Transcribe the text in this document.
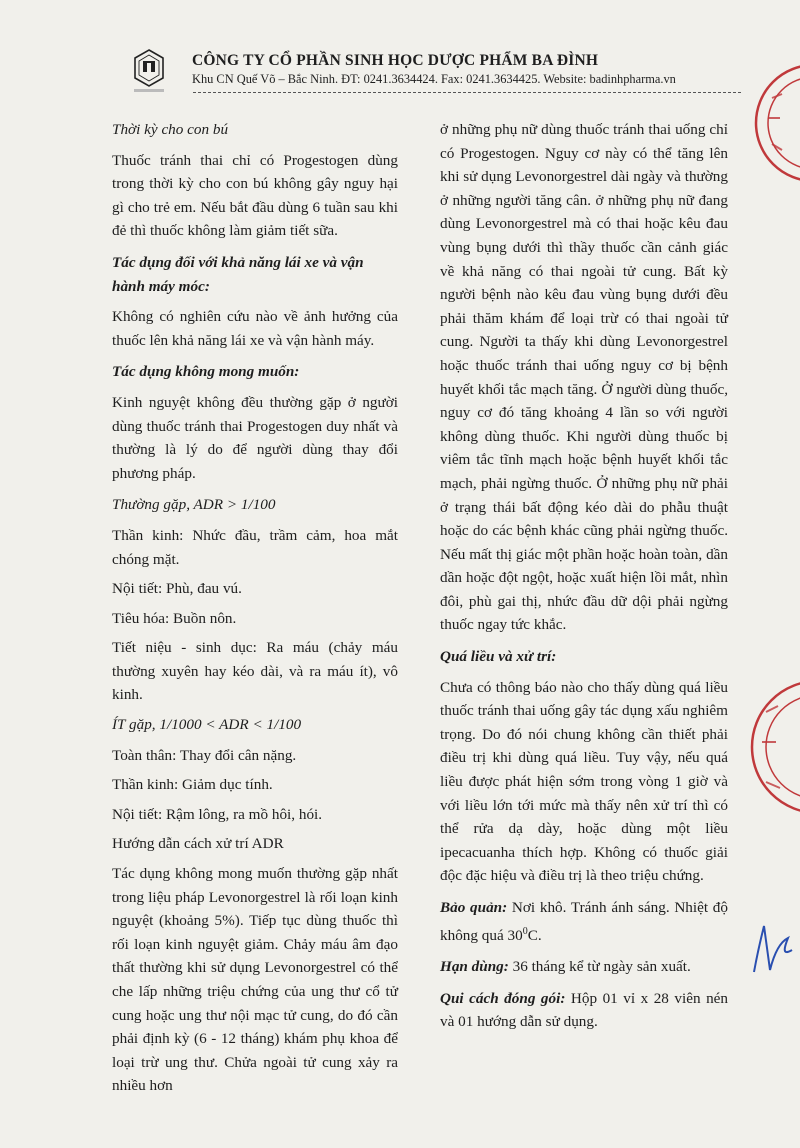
CÔNG TY CỔ PHẦN SINH HỌC DƯỢC PHẨM BA ĐÌNH
Khu CN Quế Võ – Bắc Ninh. ĐT: 0241.3634424. Fax: 0241.3634425. Website: badinhpharma.vn
Thời kỳ cho con bú
Thuốc tránh thai chỉ có Progestogen dùng trong thời kỳ cho con bú không gây nguy hại gì cho trẻ em. Nếu bắt đầu dùng 6 tuần sau khi đẻ thì thuốc không làm giảm tiết sữa.
Tác dụng đối với khả năng lái xe và vận hành máy móc:
Không có nghiên cứu nào về ảnh hưởng của thuốc lên khả năng lái xe và vận hành máy.
Tác dụng không mong muốn:
Kinh nguyệt không đều thường gặp ở người dùng thuốc tránh thai Progestogen duy nhất và thường là lý do để người dùng thay đổi phương pháp.
Thường gặp, ADR > 1/100
Thần kinh: Nhức đầu, trầm cảm, hoa mắt chóng mặt.
Nội tiết: Phù, đau vú.
Tiêu hóa: Buồn nôn.
Tiết niệu - sinh dục: Ra máu (chảy máu thường xuyên hay kéo dài, và ra máu ít), vô kinh.
ÍT gặp, 1/1000 < ADR < 1/100
Toàn thân: Thay đổi cân nặng.
Thần kinh: Giảm dục tính.
Nội tiết: Rậm lông, ra mồ hôi, hói.
Hướng dẫn cách xử trí ADR
Tác dụng không mong muốn thường gặp nhất trong liệu pháp Levonorgestrel là rối loạn kinh nguyệt (khoảng 5%). Tiếp tục dùng thuốc thì rối loạn kinh nguyệt giảm. Chảy máu âm đạo thất thường khi sử dụng Levonorgestrel có thể che lấp những triệu chứng của ung thư cổ tử cung hoặc ung thư nội mạc tử cung, do đó cần phải định kỳ (6 - 12 tháng) khám phụ khoa để loại trừ ung thư. Chửa ngoài tử cung xảy ra nhiều hơn
ở những phụ nữ dùng thuốc tránh thai uống chỉ có Progestogen. Nguy cơ này có thể tăng lên khi sử dụng Levonorgestrel dài ngày và thường ở những người tăng cân. ở những phụ nữ đang dùng Levonorgestrel mà có thai hoặc kêu đau vùng bụng dưới thì thầy thuốc cần cảnh giác về khả năng có thai ngoài tử cung. Bất kỳ người bệnh nào kêu đau vùng bụng dưới đều phải thăm khám để loại trừ có thai ngoài tử cung. Người ta thấy khi dùng Levonorgestrel hoặc thuốc tránh thai uống nguy cơ bị bệnh huyết khối tắc mạch tăng. Ở người dùng thuốc, nguy cơ đó tăng khoảng 4 lần so với người không dùng thuốc. Khi người dùng thuốc bị viêm tắc tĩnh mạch hoặc bệnh huyết khối tắc mạch, phải ngừng thuốc. Ở những phụ nữ phải ở trạng thái bất động kéo dài do phẫu thuật hoặc do các bệnh khác cũng phải ngừng thuốc. Nếu mất thị giác một phần hoặc hoàn toàn, dần dần hoặc đột ngột, hoặc xuất hiện lồi mắt, nhìn đôi, phù gai thị, nhức đầu dữ dội phải ngừng thuốc ngay tức khắc.
Quá liều và xử trí:
Chưa có thông báo nào cho thấy dùng quá liều thuốc tránh thai uống gây tác dụng xấu nghiêm trọng. Do đó nói chung không cần thiết phải điều trị khi dùng quá liều. Tuy vậy, nếu quá liều được phát hiện sớm trong vòng 1 giờ và với liều lớn tới mức mà thấy nên xử trí thì có thể rửa dạ dày, hoặc dùng một liều ipecacuanha thích hợp. Không có thuốc giải độc đặc hiệu và điều trị là theo triệu chứng.
Bảo quản: Nơi khô. Tránh ánh sáng. Nhiệt độ không quá $30^0C$.
Hạn dùng: 36 tháng kể từ ngày sản xuất.
Qui cách đóng gói: Hộp 01 vỉ x 28 viên nén và 01 hướng dẫn sử dụng.
